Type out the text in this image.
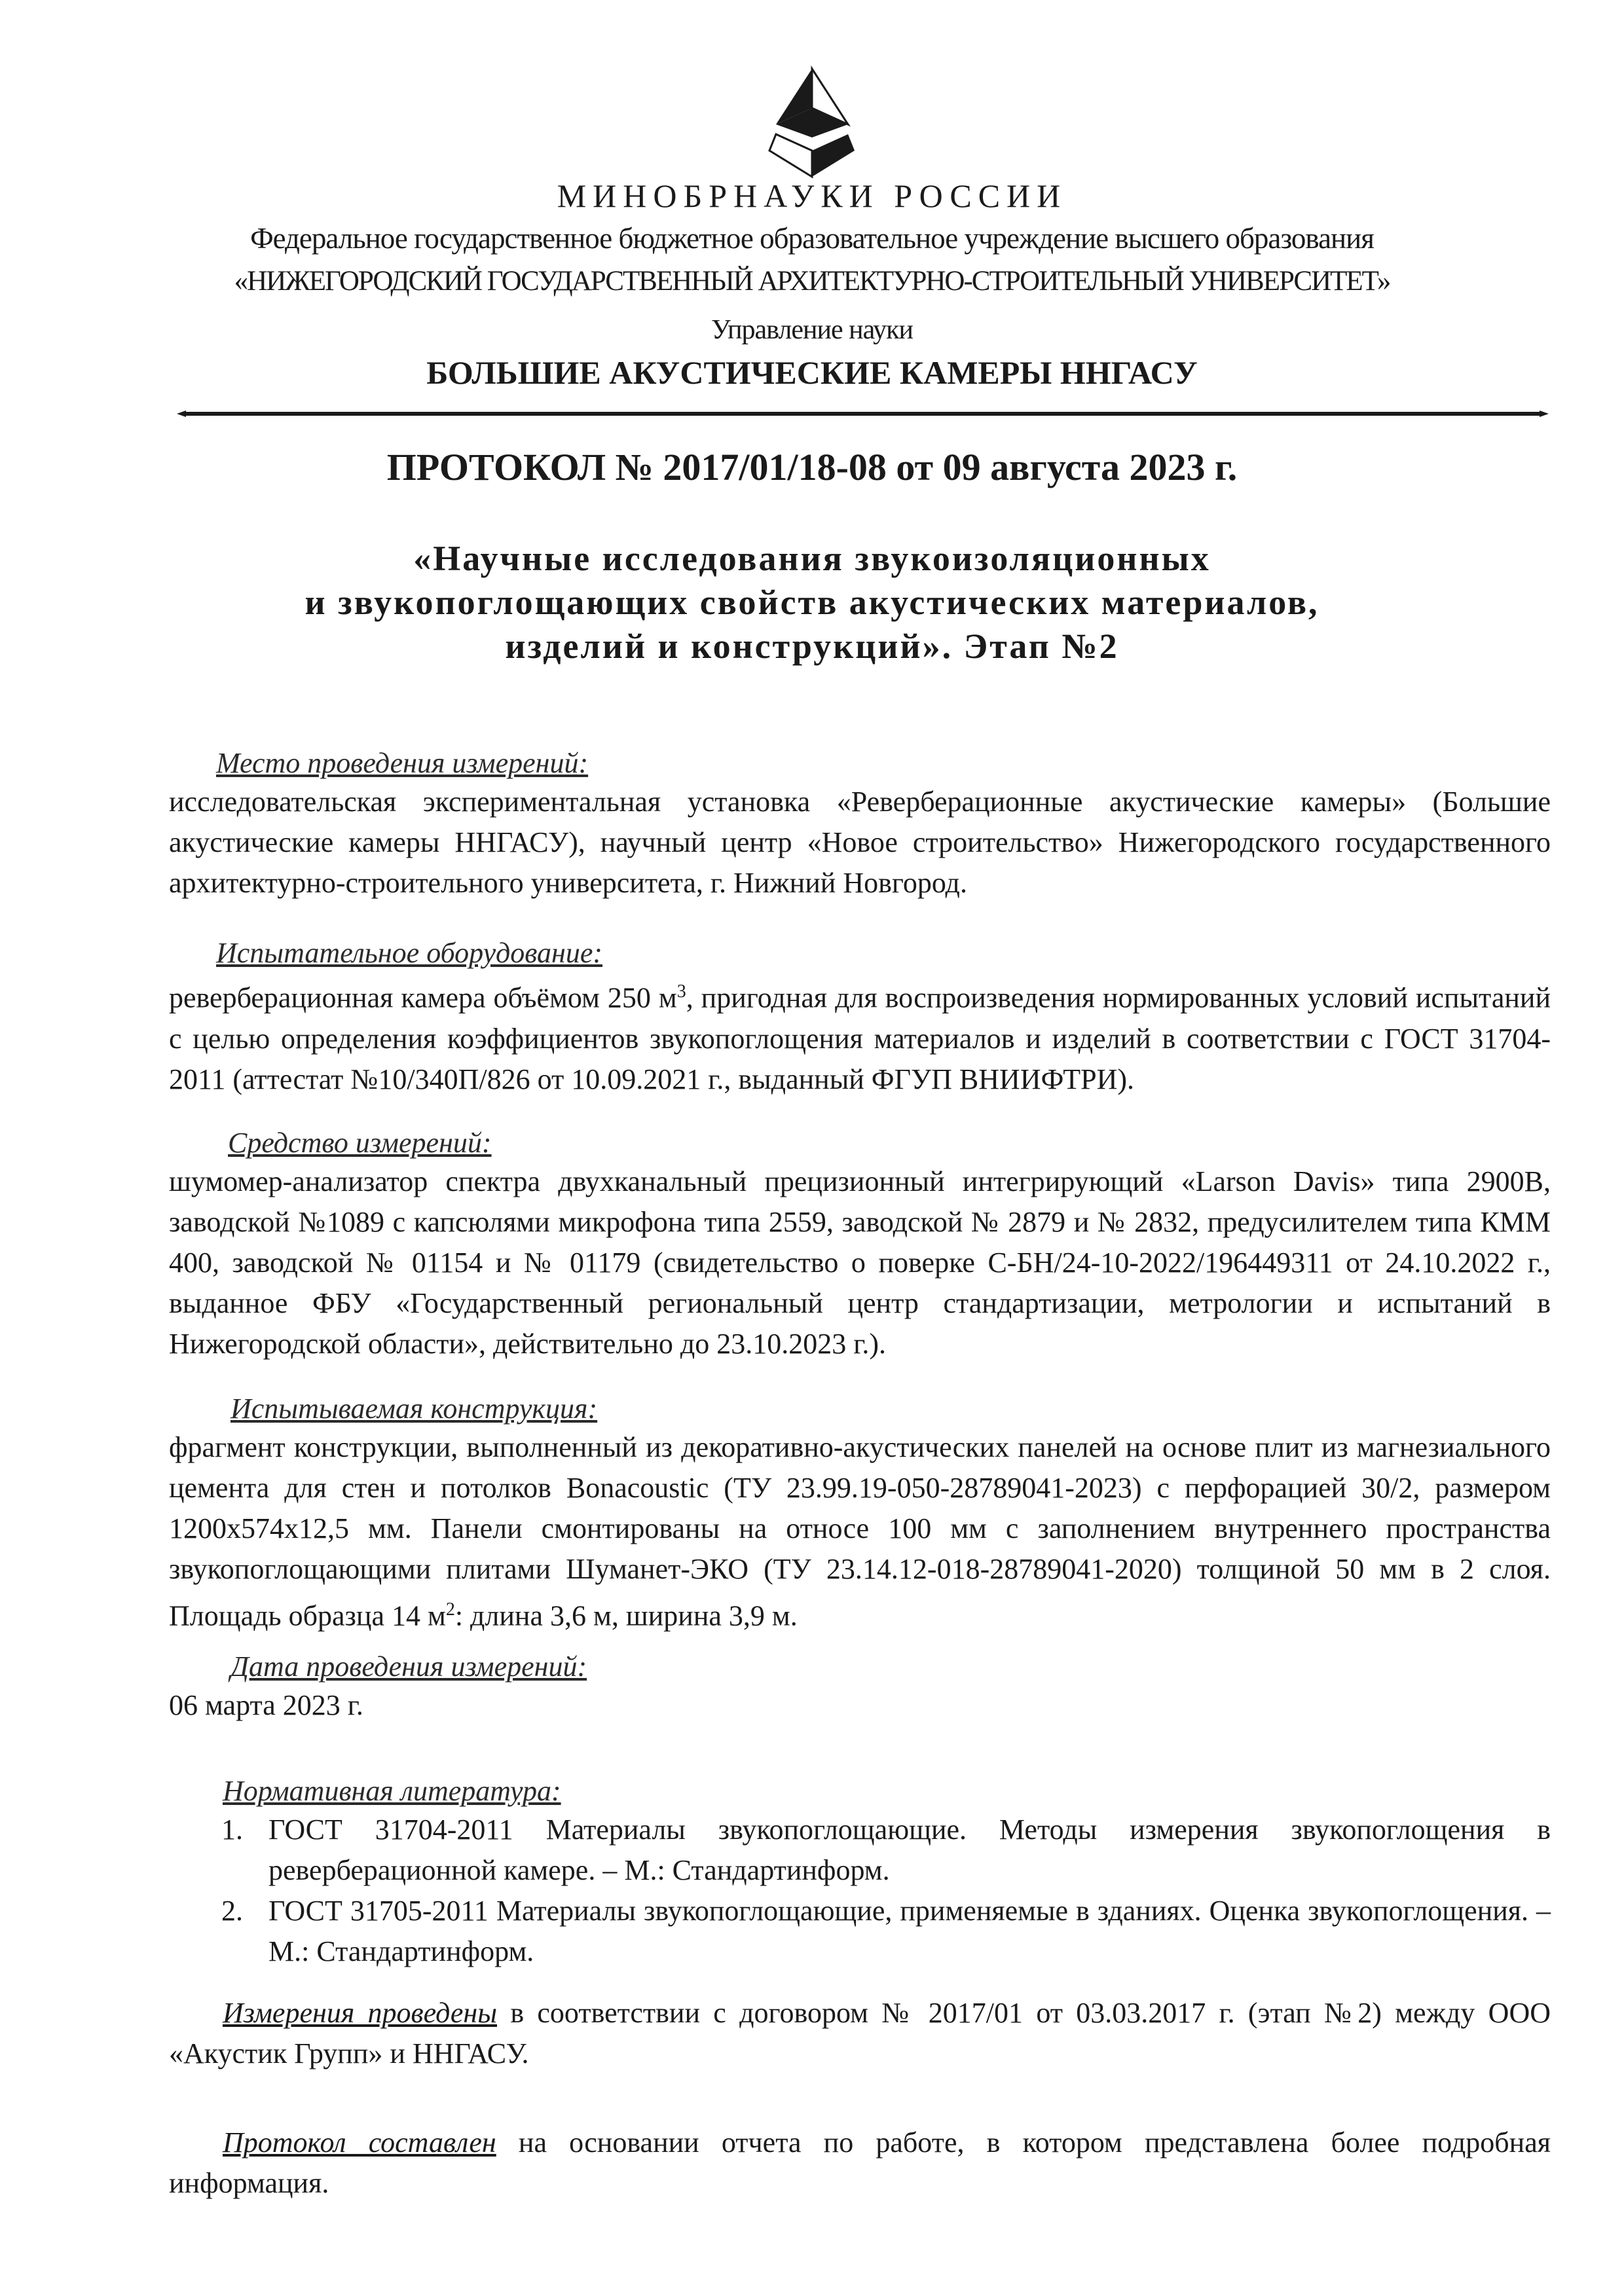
МИНОБРНАУКИ РОССИИ
Федеральное государственное бюджетное образовательное учреждение высшего образования
«НИЖЕГОРОДСКИЙ ГОСУДАРСТВЕННЫЙ АРХИТЕКТУРНО-СТРОИТЕЛЬНЫЙ УНИВЕРСИТЕТ»
Управление науки
БОЛЬШИЕ АКУСТИЧЕСКИЕ КАМЕРЫ ННГАСУ
ПРОТОКОЛ № 2017/01/18-08 от 09 августа 2023 г.
«Научные исследования звукоизоляционных
и звукопоглощающих свойств акустических материалов,
изделий и конструкций». Этап №2
Место проведения измерений:
исследовательская экспериментальная установка «Реверберационные акустические камеры» (Большие акустические камеры ННГАСУ), научный центр «Новое строительство» Нижегородского государственного архитектурно-строительного университета, г. Нижний Новгород.
Испытательное оборудование:
реверберационная камера объёмом 250 $м^3$, пригодная для воспроизведения нормированных условий испытаний с целью определения коэффициентов звукопоглощения материалов и изделий в соответствии с ГОСТ 31704-2011 (аттестат №10/340П/826 от 10.09.2021 г., выданный ФГУП ВНИИФТРИ).
Средство измерений:
шумомер-анализатор спектра двухканальный прецизионный интегрирующий «Larson Davis» типа 2900В, заводской №1089 с капсюлями микрофона типа 2559, заводской № 2879 и № 2832, предусилителем типа КММ 400, заводской № 01154 и № 01179 (свидетельство о поверке С-БН/24-10-2022/196449311 от 24.10.2022 г., выданное ФБУ «Государственный региональный центр стандартизации, метрологии и испытаний в Нижегородской области», действительно до 23.10.2023 г.).
Испытываемая конструкция:
фрагмент конструкции, выполненный из декоративно-акустических панелей на основе плит из магнезиального цемента для стен и потолков Bonacoustic (ТУ 23.99.19-050-28789041-2023) с перфорацией 30/2, размером 1200х574х12,5 мм. Панели смонтированы на относе 100 мм с заполнением внутреннего пространства звукопоглощающими плитами Шуманет-ЭКО (ТУ 23.14.12-018-28789041-2020) толщиной 50 мм в 2 слоя. Площадь образца 14 $м^2$: длина 3,6 м, ширина 3,9 м.
Дата проведения измерений:
06 марта 2023 г.
Нормативная литература:
1. ГОСТ 31704-2011 Материалы звукопоглощающие. Методы измерения звукопоглощения в реверберационной камере. – М.: Стандартинформ.
2. ГОСТ 31705-2011 Материалы звукопоглощающие, применяемые в зданиях. Оценка звукопоглощения. – М.: Стандартинформ.
Измерения проведены в соответствии с договором № 2017/01 от 03.03.2017 г. (этап №2) между ООО «Акустик Групп» и ННГАСУ.
Протокол составлен на основании отчета по работе, в котором представлена более подробная информация.
